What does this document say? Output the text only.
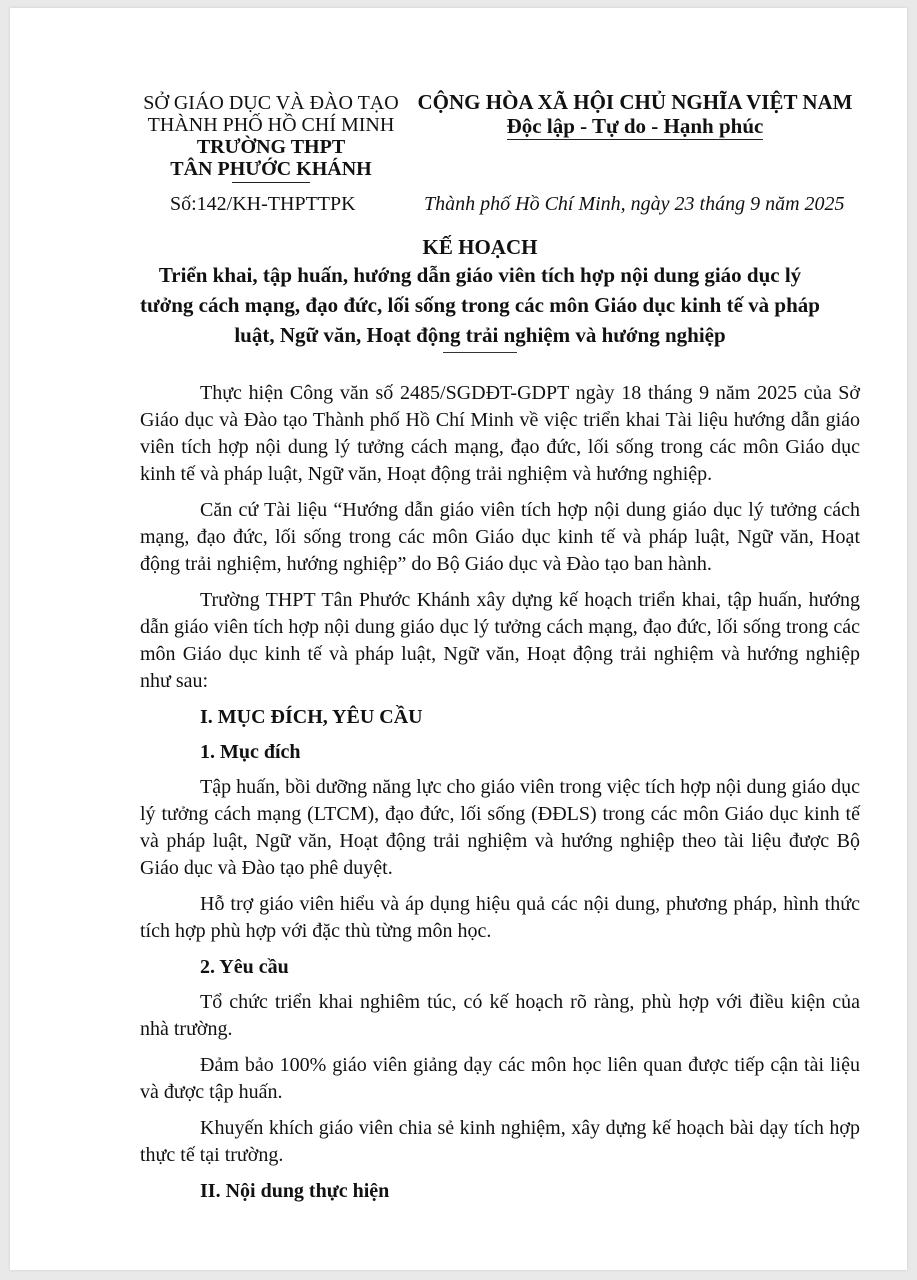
SỞ GIÁO DỤC VÀ ĐÀO TẠO
THÀNH PHỐ HỒ CHÍ MINH
TRƯỜNG THPT
TÂN PHƯỚC KHÁNH
CỘNG HÒA XÃ HỘI CHỦ NGHĨA VIỆT NAM
Độc lập - Tự do - Hạnh phúc
Số:142/KH-THPTTPK	Thành phố Hồ Chí Minh, ngày 23 tháng 9 năm 2025
KẾ HOẠCH
Triển khai, tập huấn, hướng dẫn giáo viên tích hợp nội dung giáo dục lý
tưởng cách mạng, đạo đức, lối sống trong các môn Giáo dục kinh tế và pháp
luật, Ngữ văn, Hoạt động trải nghiệm và hướng nghiệp

Thực hiện Công văn số 2485/SGDĐT-GDPT ngày 18 tháng 9 năm 2025 của Sở Giáo dục và Đào tạo Thành phố Hồ Chí Minh về việc triển khai Tài liệu hướng dẫn giáo viên tích hợp nội dung lý tưởng cách mạng, đạo đức, lối sống trong các môn Giáo dục kinh tế và pháp luật, Ngữ văn, Hoạt động trải nghiệm và hướng nghiệp.

Căn cứ Tài liệu “Hướng dẫn giáo viên tích hợp nội dung giáo dục lý tưởng cách mạng, đạo đức, lối sống trong các môn Giáo dục kinh tế và pháp luật, Ngữ văn, Hoạt động trải nghiệm, hướng nghiệp” do Bộ Giáo dục và Đào tạo ban hành.

Trường THPT Tân Phước Khánh xây dựng kế hoạch triển khai, tập huấn, hướng dẫn giáo viên tích hợp nội dung giáo dục lý tưởng cách mạng, đạo đức, lối sống trong các môn Giáo dục kinh tế và pháp luật, Ngữ văn, Hoạt động trải nghiệm và hướng nghiệp như sau:

I. MỤC ĐÍCH, YÊU CẦU
1. Mục đích

Tập huấn, bồi dưỡng năng lực cho giáo viên trong việc tích hợp nội dung giáo dục lý tưởng cách mạng (LTCM), đạo đức, lối sống (ĐĐLS) trong các môn Giáo dục kinh tế và pháp luật, Ngữ văn, Hoạt động trải nghiệm và hướng nghiệp theo tài liệu được Bộ Giáo dục và Đào tạo phê duyệt.

Hỗ trợ giáo viên hiểu và áp dụng hiệu quả các nội dung, phương pháp, hình thức tích hợp phù hợp với đặc thù từng môn học.

2. Yêu cầu

Tổ chức triển khai nghiêm túc, có kế hoạch rõ ràng, phù hợp với điều kiện của nhà trường.

Đảm bảo 100% giáo viên giảng dạy các môn học liên quan được tiếp cận tài liệu và được tập huấn.

Khuyến khích giáo viên chia sẻ kinh nghiệm, xây dựng kế hoạch bài dạy tích hợp thực tế tại trường.

II. Nội dung thực hiện
